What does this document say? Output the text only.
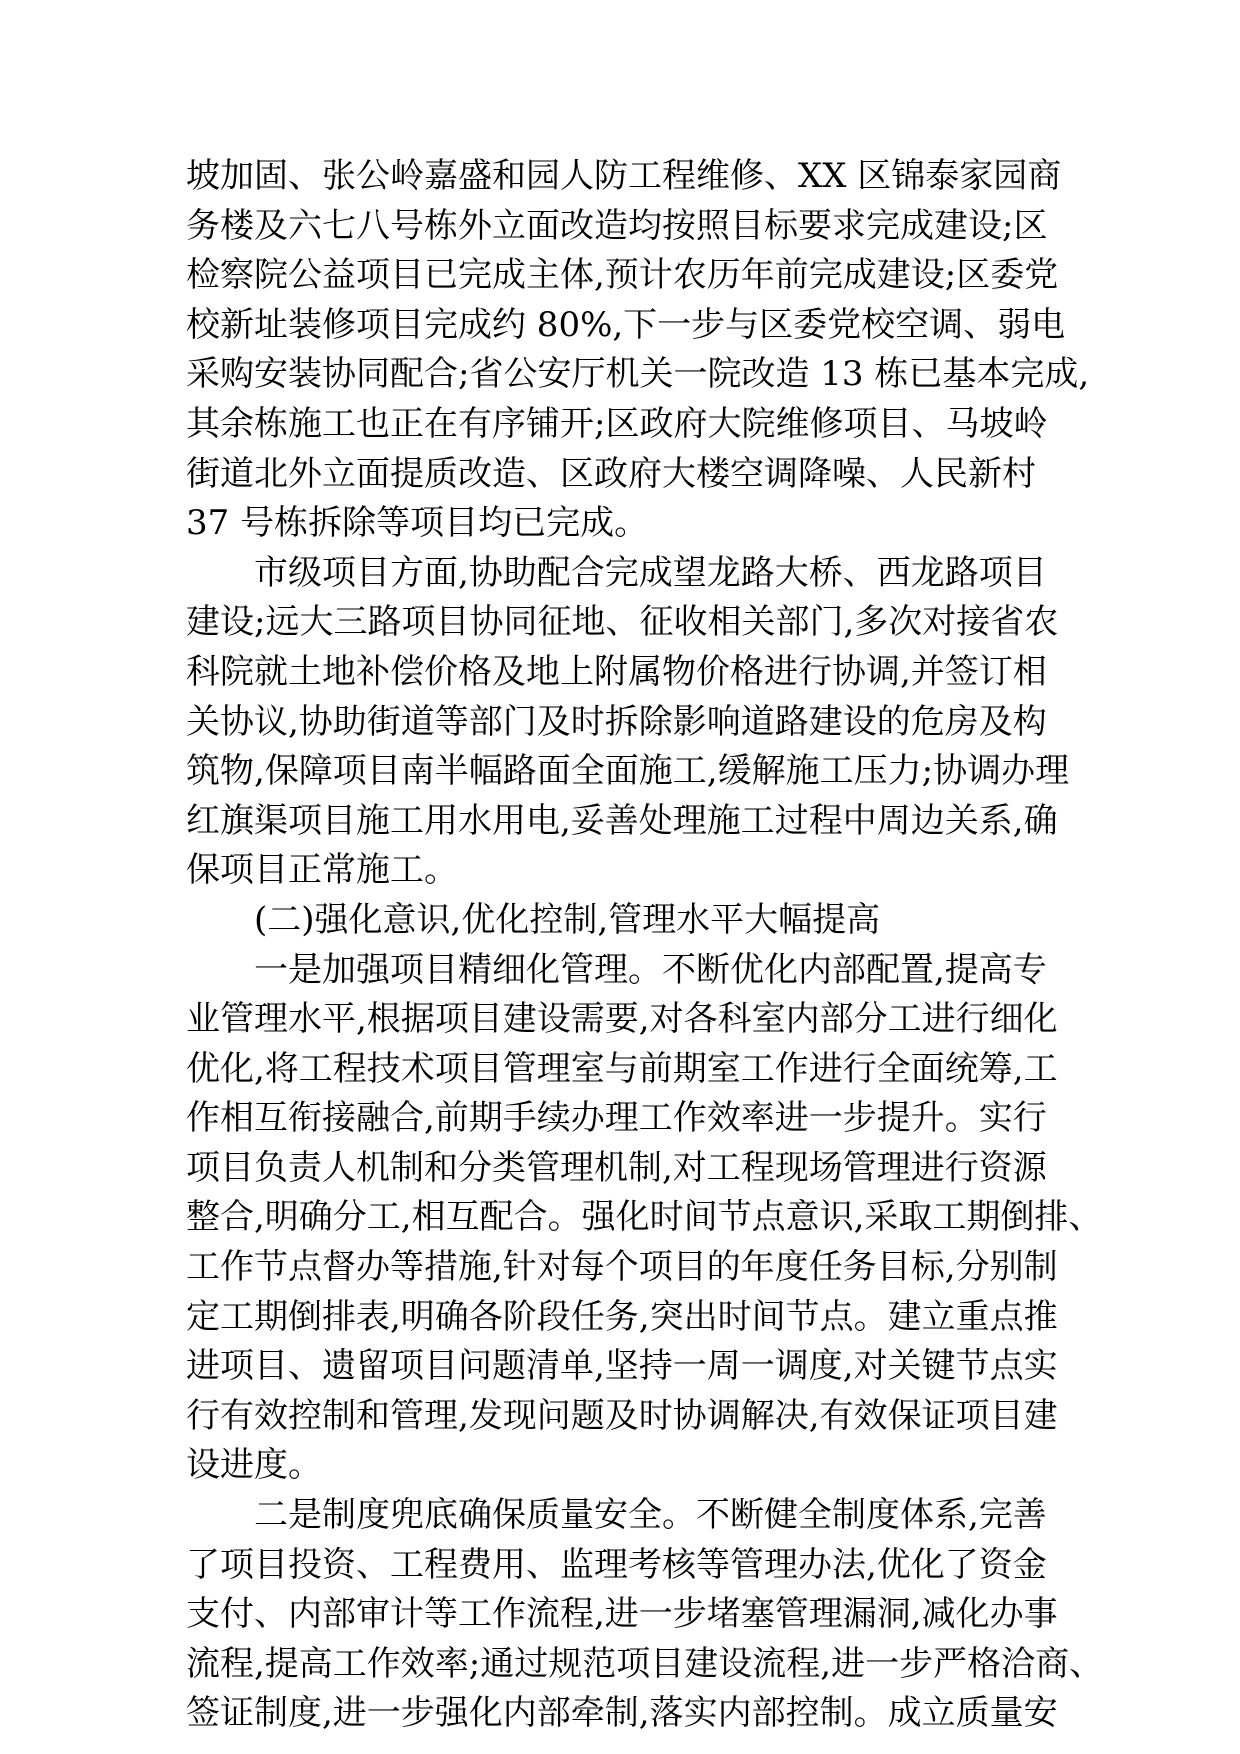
坡加固、张公岭嘉盛和园人防工程维修、XX 区锦泰家园商
务楼及六七八号栋外立面改造均按照目标要求完成建设;区
检察院公益项目已完成主体,预计农历年前完成建设;区委党
校新址装修项目完成约 80%,下一步与区委党校空调、弱电
采购安装协同配合;省公安厅机关一院改造 13 栋已基本完成,
其余栋施工也正在有序铺开;区政府大院维修项目、马坡岭
街道北外立面提质改造、区政府大楼空调降噪、人民新村
37 号栋拆除等项目均已完成。
市级项目方面,协助配合完成望龙路大桥、西龙路项目
建设;远大三路项目协同征地、征收相关部门,多次对接省农
科院就土地补偿价格及地上附属物价格进行协调,并签订相
关协议,协助街道等部门及时拆除影响道路建设的危房及构
筑物,保障项目南半幅路面全面施工,缓解施工压力;协调办理
红旗渠项目施工用水用电,妥善处理施工过程中周边关系,确
保项目正常施工。
(二)强化意识,优化控制,管理水平大幅提高
一是加强项目精细化管理。不断优化内部配置,提高专
业管理水平,根据项目建设需要,对各科室内部分工进行细化
优化,将工程技术项目管理室与前期室工作进行全面统筹,工
作相互衔接融合,前期手续办理工作效率进一步提升。实行
项目负责人机制和分类管理机制,对工程现场管理进行资源
整合,明确分工,相互配合。强化时间节点意识,采取工期倒排、
工作节点督办等措施,针对每个项目的年度任务目标,分别制
定工期倒排表,明确各阶段任务,突出时间节点。建立重点推
进项目、遗留项目问题清单,坚持一周一调度,对关键节点实
行有效控制和管理,发现问题及时协调解决,有效保证项目建
设进度。
二是制度兜底确保质量安全。不断健全制度体系,完善
了项目投资、工程费用、监理考核等管理办法,优化了资金
支付、内部审计等工作流程,进一步堵塞管理漏洞,减化办事
流程,提高工作效率;通过规范项目建设流程,进一步严格洽商、
签证制度,进一步强化内部牵制,落实内部控制。成立质量安
